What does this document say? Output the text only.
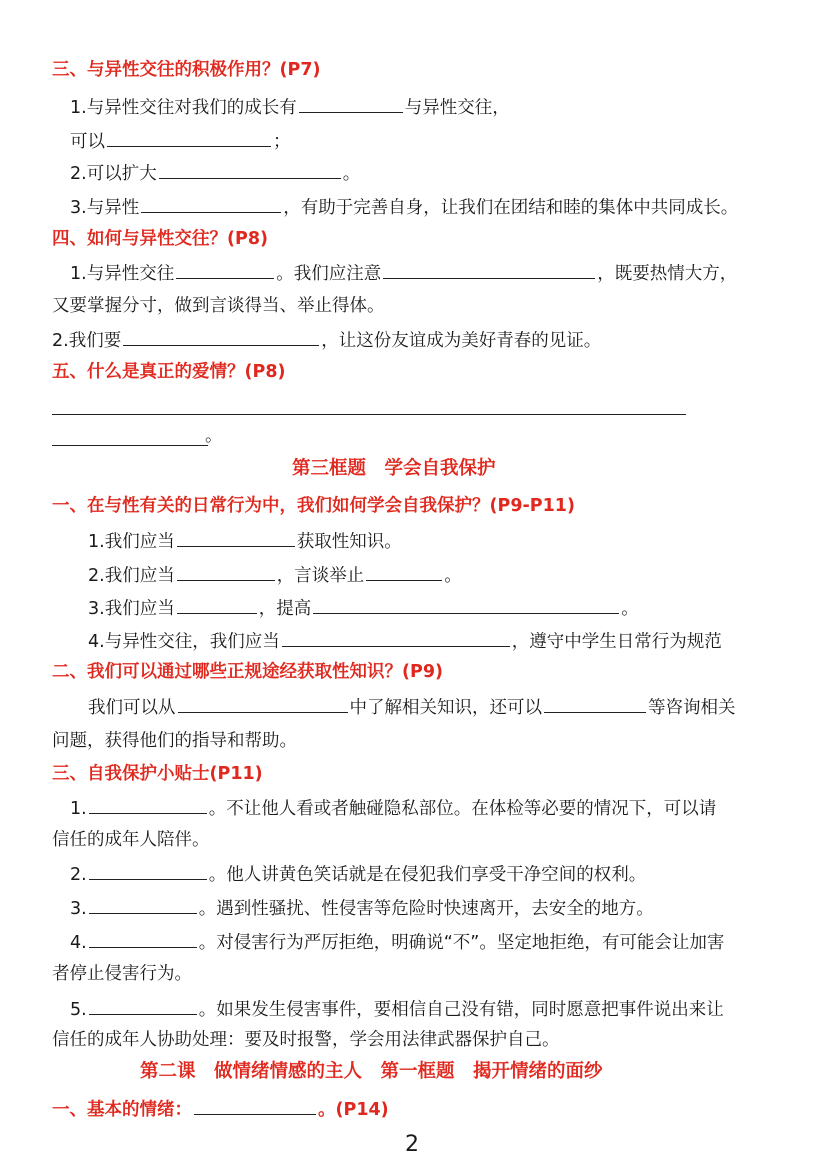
三、与异性交往的积极作用？(P7)
1.与异性交往对我们的成长有	与异性交往，
可以	；
2.可以扩大	。
3.与异性	，有助于完善自身，让我们在团结和睦的集体中共同成长。
四、如何与异性交往？(P8)
1.与异性交往	。我们应注意	，既要热情大方，
又要掌握分寸，做到言谈得当、举止得体。
2.我们要	，让这份友谊成为美好青春的见证。
五、什么是真正的爱情？(P8)
。
第三框题　学会自我保护
一、在与性有关的日常行为中，我们如何学会自我保护？(P9-P11)
1.我们应当	获取性知识。
2.我们应当	，言谈举止	。
3.我们应当	，提高	。
4.与异性交往，我们应当	，遵守中学生日常行为规范
二、我们可以通过哪些正规途经获取性知识？(P9)
我们可以从	中了解相关知识，还可以	等咨询相关
问题，获得他们的指导和帮助。
三、自我保护小贴士(P11)
1.	。不让他人看或者触碰隐私部位。在体检等必要的情况下，可以请
信任的成年人陪伴。
2.	。他人讲黄色笑话就是在侵犯我们享受干净空间的权利。
3.	。遇到性骚扰、性侵害等危险时快速离开，去安全的地方。
4.	。对侵害行为严厉拒绝，明确说“不”。坚定地拒绝，有可能会让加害
者停止侵害行为。
5.	。如果发生侵害事件，要相信自己没有错，同时愿意把事件说出来让
信任的成年人协助处理：要及时报警，学会用法律武器保护自己。
第二课　做情绪情感的主人　第一框题　揭开情绪的面纱
一、基本的情绪：	。(P14)
2
